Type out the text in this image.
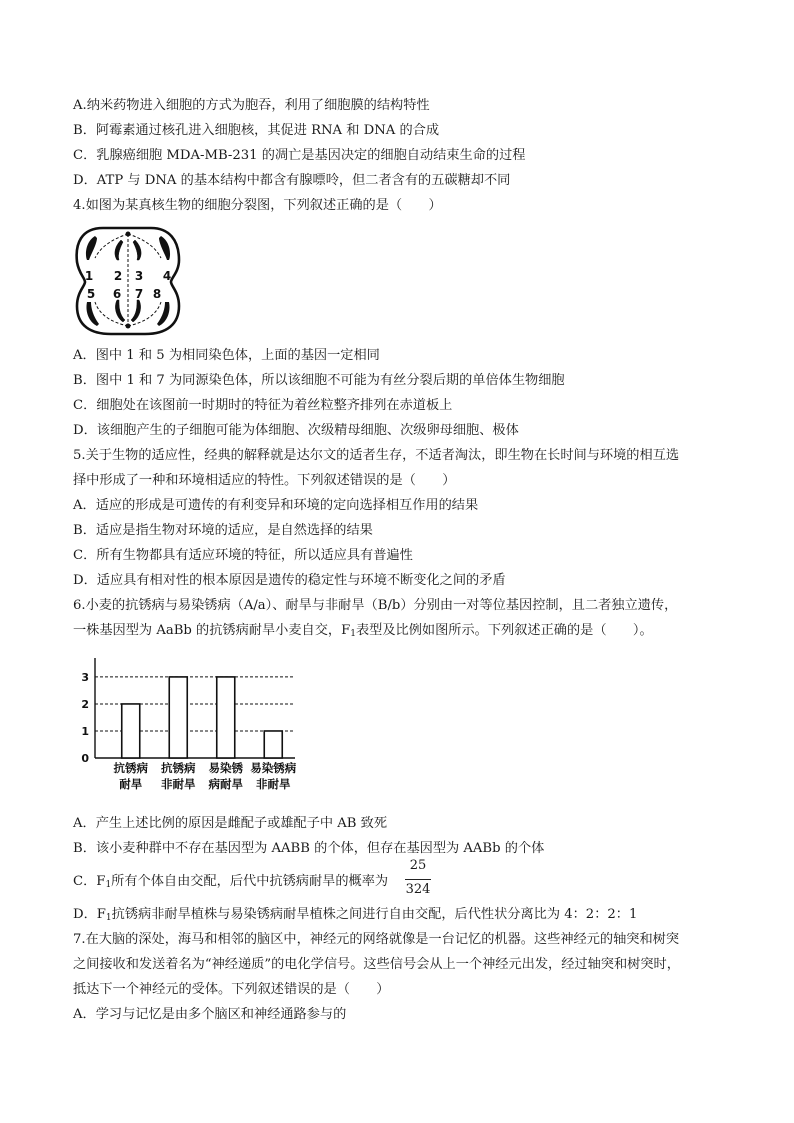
A.纳米药物进入细胞的方式为胞吞，利用了细胞膜的结构特性
B．阿霉素通过核孔进入细胞核，其促进 RNA 和 DNA 的合成
C．乳腺癌细胞 MDA-MB-231 的凋亡是基因决定的细胞自动结束生命的过程
D．ATP 与 DNA 的基本结构中都含有腺嘌呤，但二者含有的五碳糖却不同
4.如图为某真核生物的细胞分裂图，下列叙述正确的是（　　）
1 2 3 4
5 6 7 8
A．图中 1 和 5 为相同染色体，上面的基因一定相同
B．图中 1 和 7 为同源染色体，所以该细胞不可能为有丝分裂后期的单倍体生物细胞
C．细胞处在该图前一时期时的特征为着丝粒整齐排列在赤道板上
D．该细胞产生的子细胞可能为体细胞、次级精母细胞、次级卵母细胞、极体
5.关于生物的适应性，经典的解释就是达尔文的适者生存，不适者淘汰，即生物在长时间与环境的相互选
择中形成了一种和环境相适应的特性。下列叙述错误的是（　　）
A．适应的形成是可遗传的有利变异和环境的定向选择相互作用的结果
B．适应是指生物对环境的适应，是自然选择的结果
C．所有生物都具有适应环境的特征，所以适应具有普遍性
D．适应具有相对性的根本原因是遗传的稳定性与环境不断变化之间的矛盾
6.小麦的抗锈病与易染锈病（A/a）、耐旱与非耐旱（B/b）分别由一对等位基因控制，且二者独立遗传，
一株基因型为 AaBb 的抗锈病耐旱小麦自交，$F_1$表型及比例如图所示。下列叙述正确的是（　　）。
0
1
2
3
抗锈病
耐旱
抗锈病
非耐旱
易染锈
病耐旱
易染锈病
非耐旱
A．产生上述比例的原因是雌配子或雄配子中 AB 致死
B．该小麦种群中不存在基因型为 AABB 的个体，但存在基因型为 AABb 的个体
C．$F_1$所有个体自由交配，后代中抗锈病耐旱的概率为
25
324
D．$F_1$抗锈病非耐旱植株与易染锈病耐旱植株之间进行自由交配，后代性状分离比为 4：2：2：1
7.在大脑的深处，海马和相邻的脑区中，神经元的网络就像是一台记忆的机器。这些神经元的轴突和树突
之间接收和发送着名为“神经递质”的电化学信号。这些信号会从上一个神经元出发，经过轴突和树突时，
抵达下一个神经元的受体。下列叙述错误的是（　　）
A．学习与记忆是由多个脑区和神经通路参与的
